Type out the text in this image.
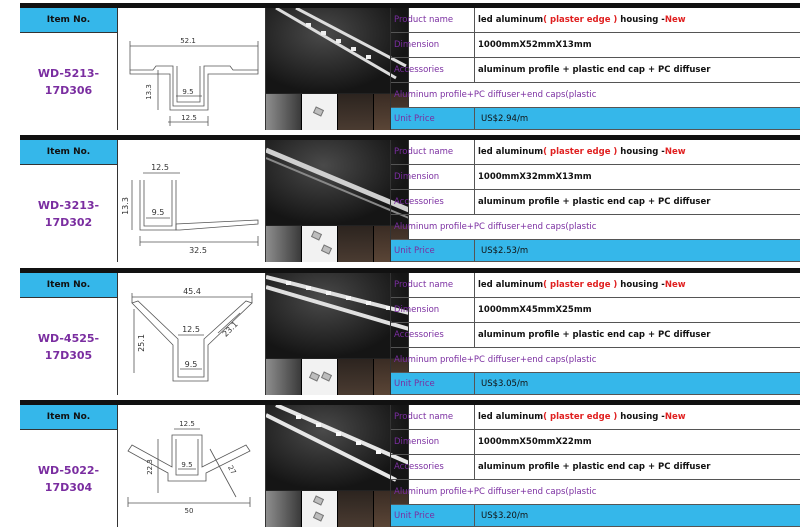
Item No.
WD-5213-
17D306
52.1
13.3	9.5
12.5
Product name	led aluminum ( plaster edge )
housing - New
Dimension	1000mmX52mmX13mm
Accessories	aluminum profile + plastic end cap + PC diffuser
Aluminum profile+PC diffuser+end caps(plastic
Unit Price	US$2.94/m
Item No.
WD-3213-
17D302
12.5
13.3	9.5
32.5
Product name	led aluminum ( plaster edge )
housing - New
Dimension	1000mmX32mmX13mm
Accessories	aluminum profile + plastic end cap + PC diffuser
Aluminum profile+PC diffuser+end caps(plastic
Unit Price	US$2.53/m
Item No.
WD-4525-
17D305
45.4
12.5
25.1
23.1
9.5
Product name	led aluminum ( plaster edge )
housing - New
Dimension	1000mmX45mmX25mm
Accessories	aluminum profile + plastic end cap + PC diffuser
Aluminum profile+PC diffuser+end caps(plastic
Unit Price	US$3.05/m
Item No.
WD-5022-
17D304
12.5
22.3	9.5	27
50
Product name	led aluminum ( plaster edge )
housing - New
Dimension	1000mmX50mmX22mm
Accessories	aluminum profile + plastic end cap + PC diffuser
Aluminum profile+PC diffuser+end caps(plastic
Unit Price	US$3.20/m
